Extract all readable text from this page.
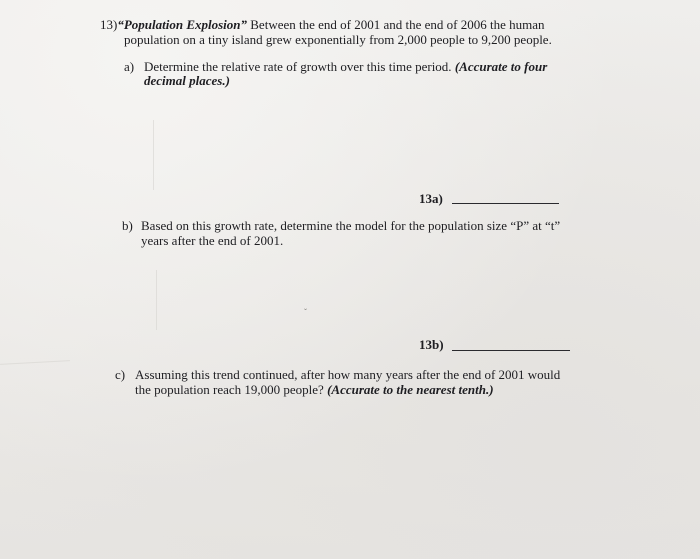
ˇ
13)“Population Explosion” Between the end of 2001 and the end of 2006 the human
population on a tiny island grew exponentially from 2,000 people to 9,200 people.
a) Determine the relative rate of growth over this time period. (Accurate to four
decimal places.)
13a)
b) Based on this growth rate, determine the model for the population size “P” at “t”
years after the end of 2001.
13b)
c) Assuming this trend continued, after how many years after the end of 2001 would
the population reach 19,000 people? (Accurate to the nearest tenth.)
